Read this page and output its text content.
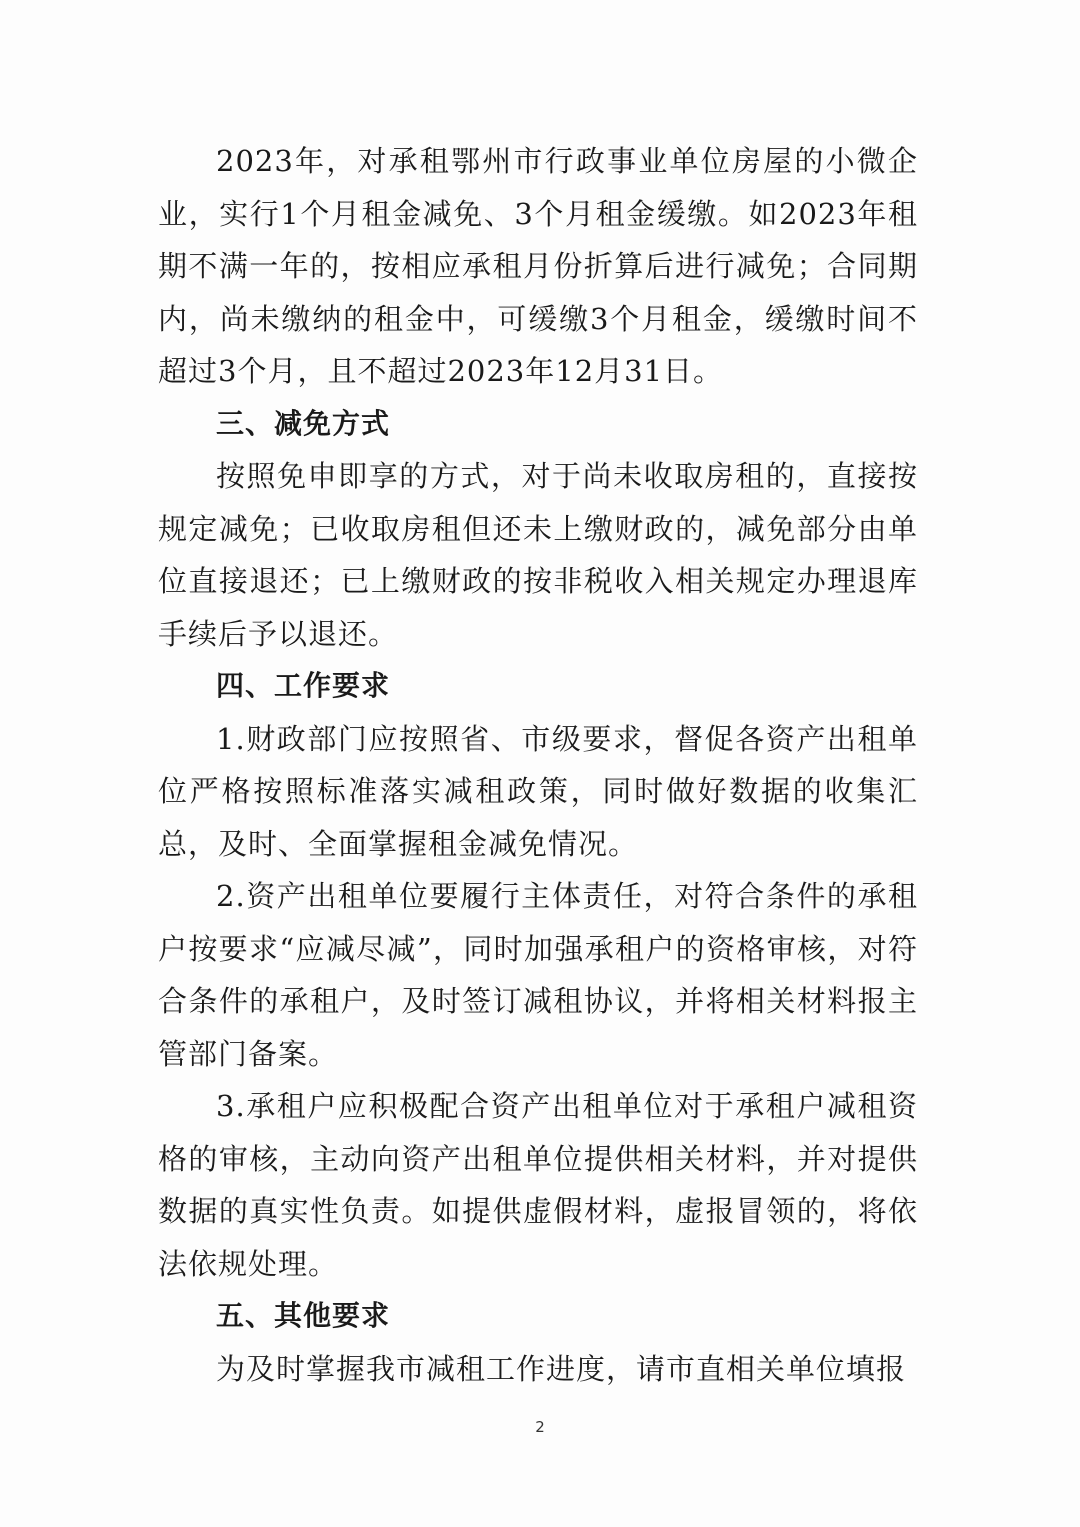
2023年，对承租鄂州市行政事业单位房屋的小微企业，实行1个月租金减免、3个月租金缓缴。如2023年租期不满一年的，按相应承租月份折算后进行减免；合同期内，尚未缴纳的租金中，可缓缴3个月租金，缓缴时间不超过3个月，且不超过2023年12月31日。

三、减免方式

按照免申即享的方式，对于尚未收取房租的，直接按规定减免；已收取房租但还未上缴财政的，减免部分由单位直接退还；已上缴财政的按非税收入相关规定办理退库手续后予以退还。

四、工作要求

1.财政部门应按照省、市级要求，督促各资产出租单位严格按照标准落实减租政策，同时做好数据的收集汇总，及时、全面掌握租金减免情况。

2.资产出租单位要履行主体责任，对符合条件的承租户按要求“应减尽减”，同时加强承租户的资格审核，对符合条件的承租户，及时签订减租协议，并将相关材料报主管部门备案。

3.承租户应积极配合资产出租单位对于承租户减租资格的审核，主动向资产出租单位提供相关材料，并对提供数据的真实性负责。如提供虚假材料，虚报冒领的，将依法依规处理。

五、其他要求

为及时掌握我市减租工作进度，请市直相关单位填报

2
